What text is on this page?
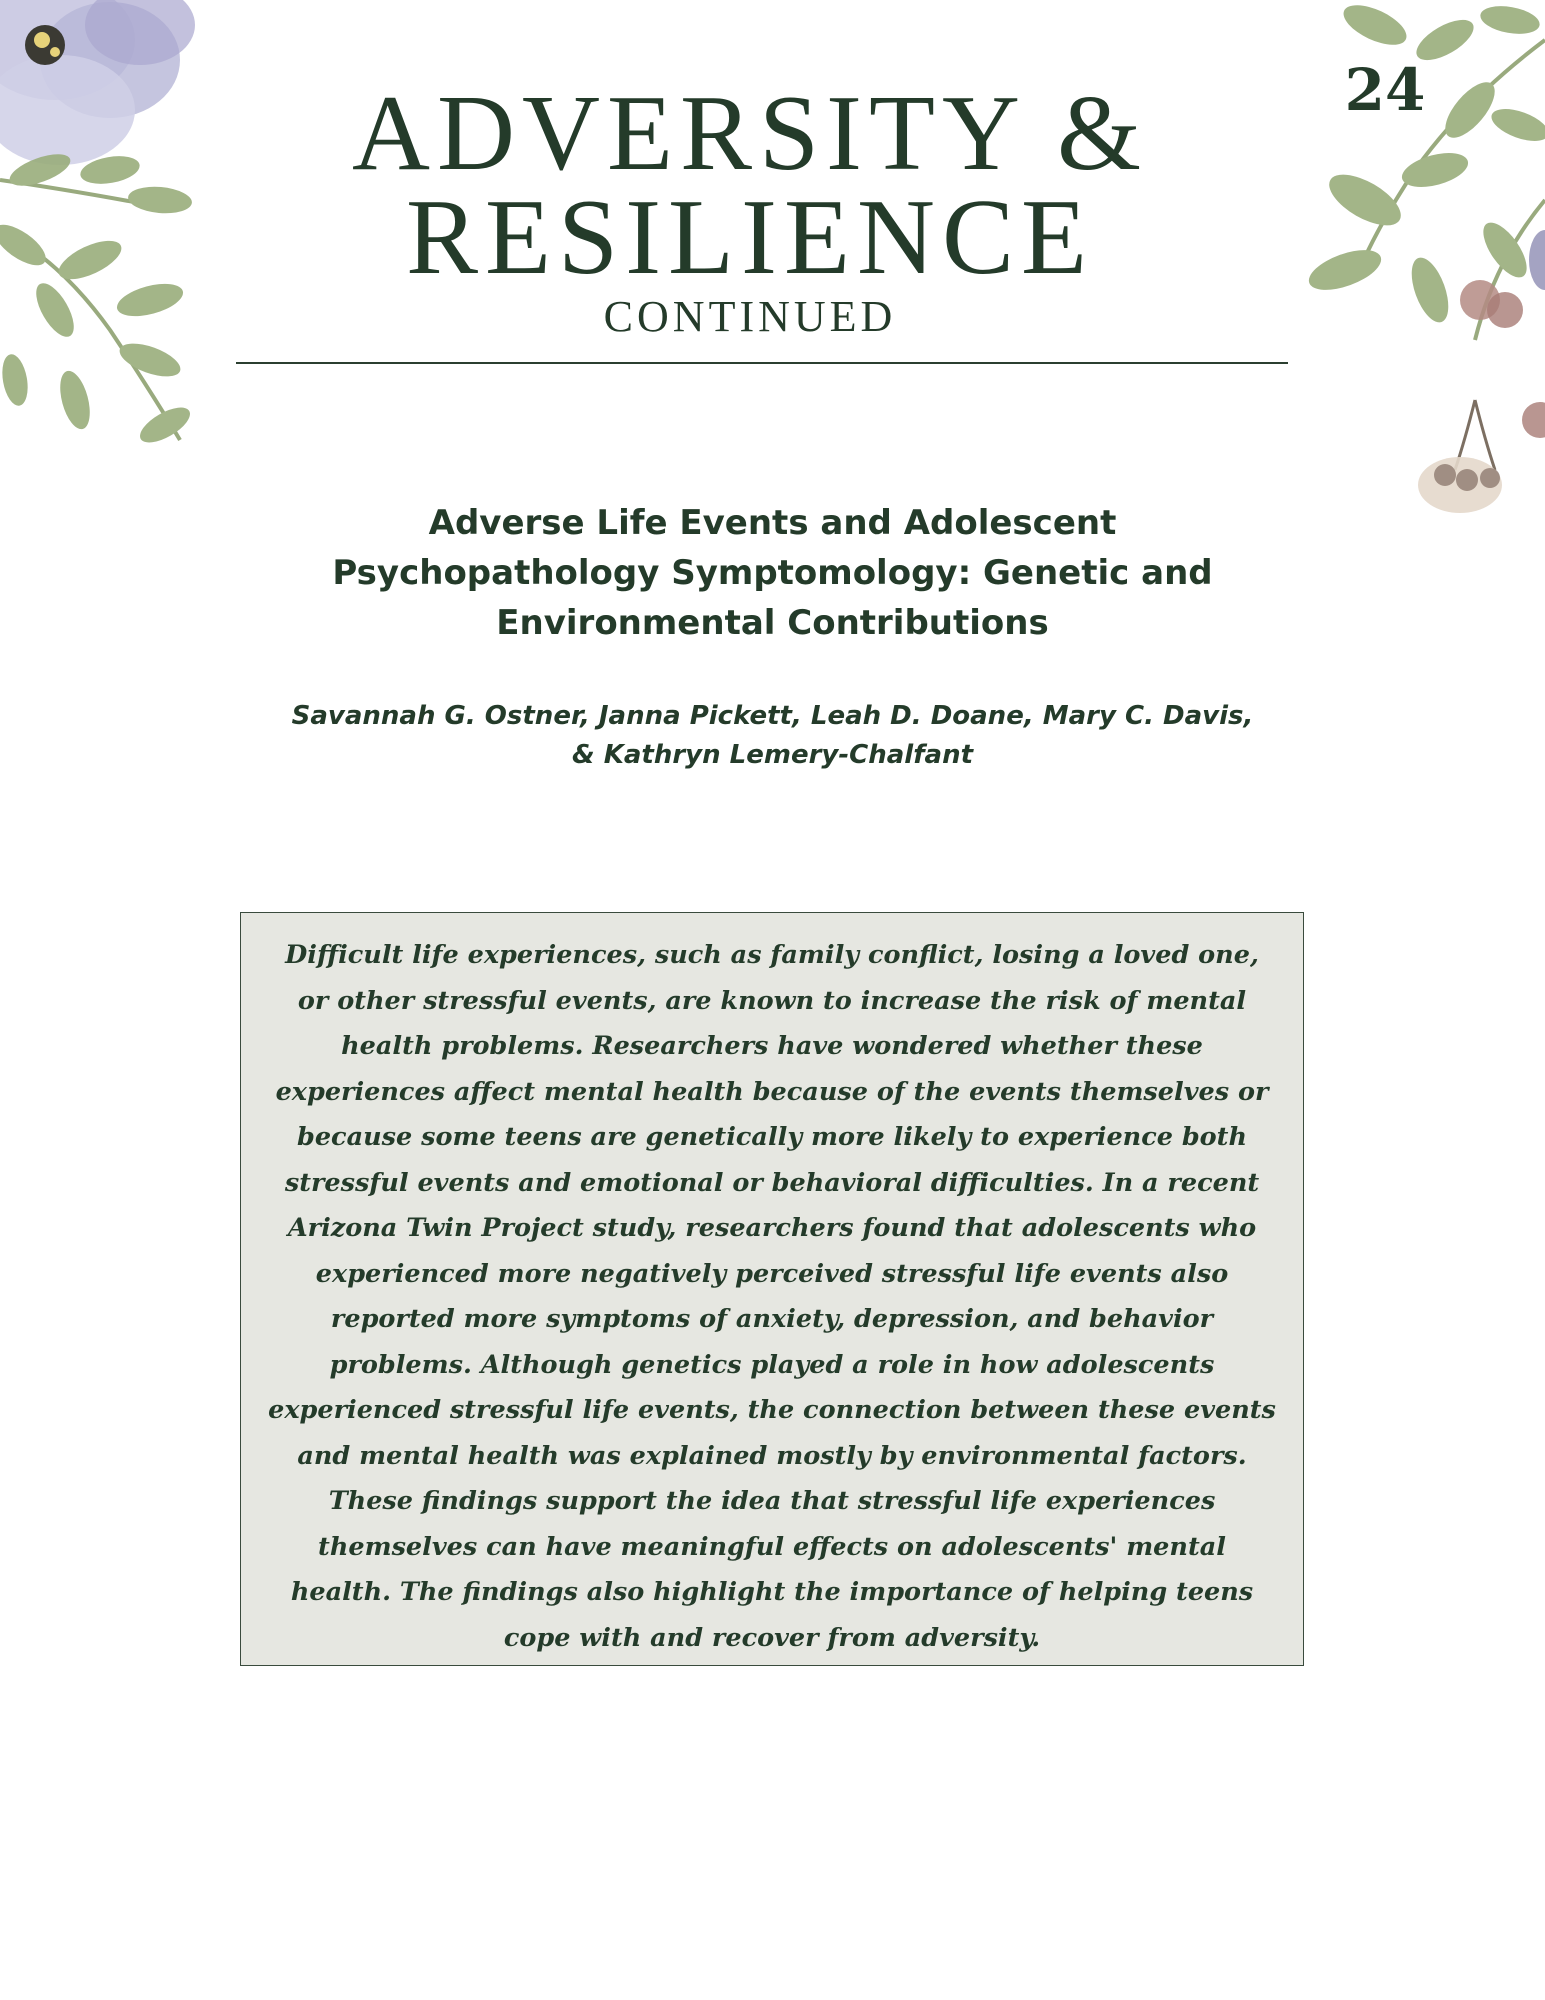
24
ADVERSITY & RESILIENCE
CONTINUED
Adverse Life Events and Adolescent Psychopathology Symptomology: Genetic and Environmental Contributions

Savannah G. Ostner, Janna Pickett, Leah D. Doane, Mary C. Davis, & Kathryn Lemery-Chalfant

Difficult life experiences, such as family conflict, losing a loved one, or other stressful events, are known to increase the risk of mental health problems. Researchers have wondered whether these experiences affect mental health because of the events themselves or because some teens are genetically more likely to experience both stressful events and emotional or behavioral difficulties. In a recent Arizona Twin Project study, researchers found that adolescents who experienced more negatively perceived stressful life events also reported more symptoms of anxiety, depression, and behavior problems. Although genetics played a role in how adolescents experienced stressful life events, the connection between these events and mental health was explained mostly by environmental factors. These findings support the idea that stressful life experiences themselves can have meaningful effects on adolescents' mental health. The findings also highlight the importance of helping teens cope with and recover from adversity.
